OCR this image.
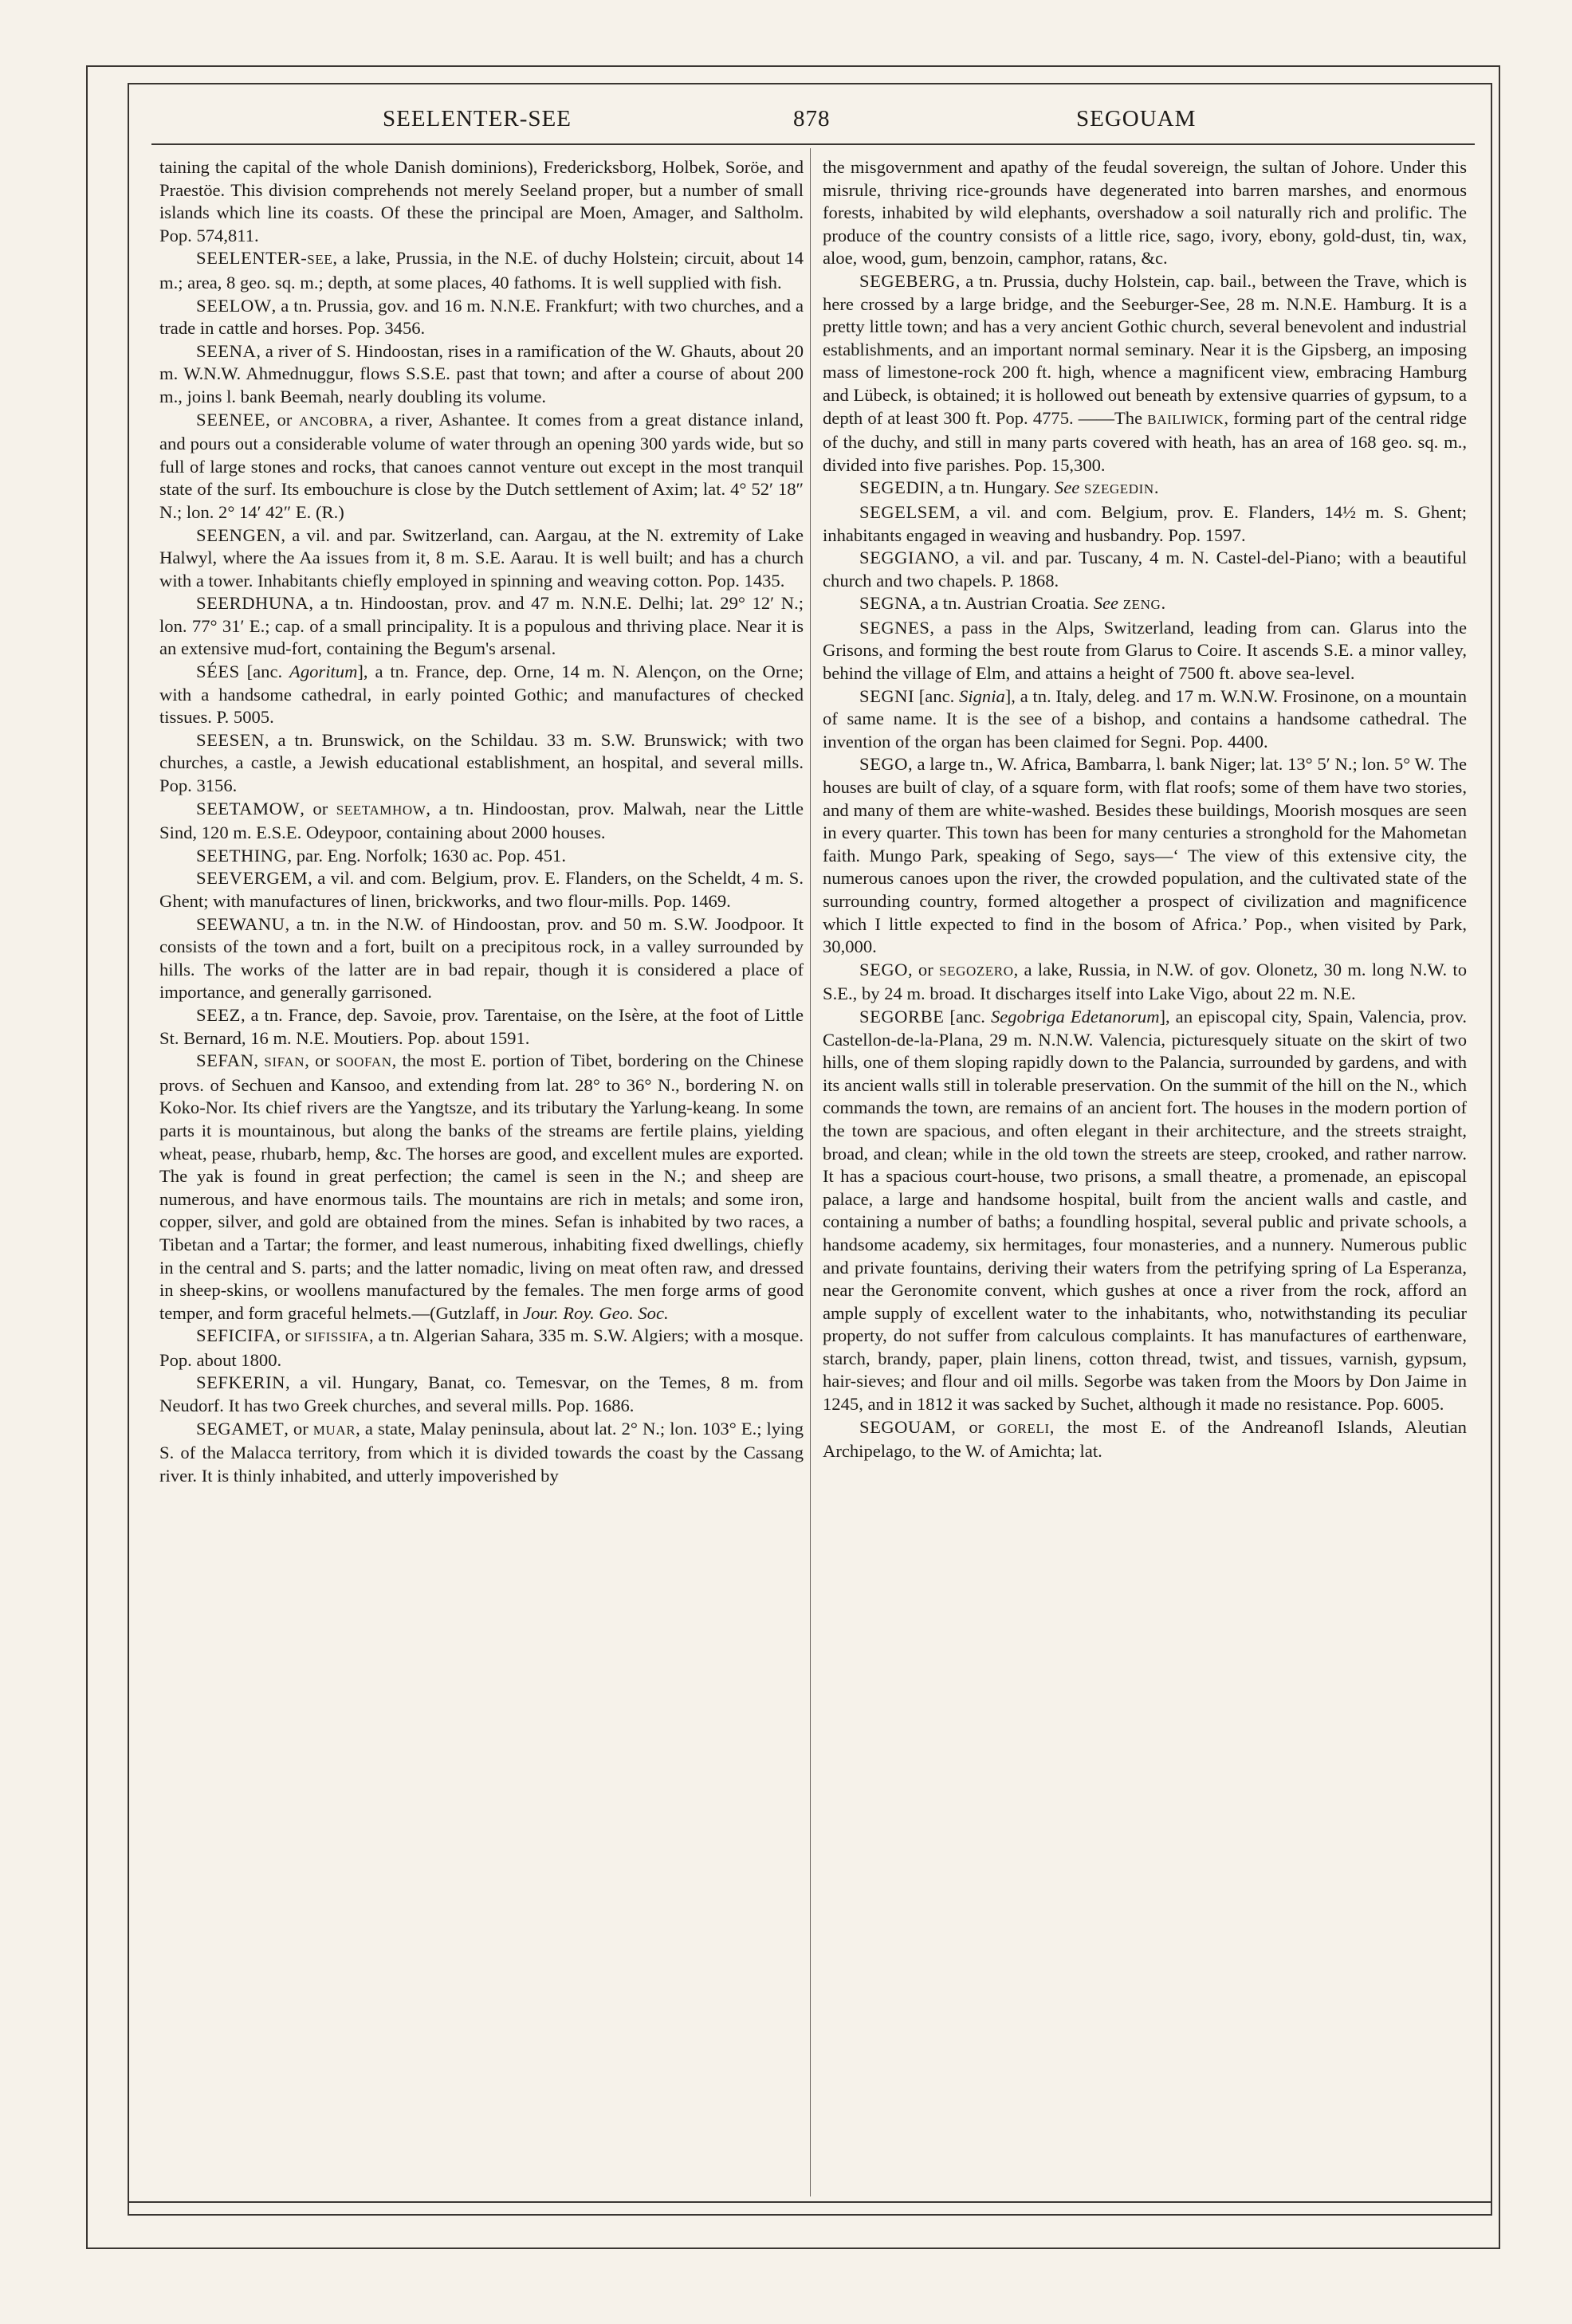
SEELENTER-SEE	878	SEGOUAM

taining the capital of the whole Danish dominions), Fredericksborg, Holbek, Soröe, and Praestöe. This division comprehends not merely Seeland proper, but a number of small islands which line its coasts. Of these the principal are Moen, Amager, and Saltholm. Pop. 574,811.

SEELENTER-SEE, a lake, Prussia, in the N.E. of duchy Holstein; circuit, about 14 m.; area, 8 geo. sq. m.; depth, at some places, 40 fathoms. It is well supplied with fish.

SEELOW, a tn. Prussia, gov. and 16 m. N.N.E. Frankfurt; with two churches, and a trade in cattle and horses. Pop. 3456.

SEENA, a river of S. Hindoostan, rises in a ramification of the W. Ghauts, about 20 m. W.N.W. Ahmednuggur, flows S.S.E. past that town; and after a course of about 200 m., joins l. bank Beemah, nearly doubling its volume.

SEENEE, or ANCOBRA, a river, Ashantee. It comes from a great distance inland, and pours out a considerable volume of water through an opening 300 yards wide, but so full of large stones and rocks, that canoes cannot venture out except in the most tranquil state of the surf. Its embouchure is close by the Dutch settlement of Axim; lat. 4° 52′ 18″ N.; lon. 2° 14′ 42″ E. (R.)

SEENGEN, a vil. and par. Switzerland, can. Aargau, at the N. extremity of Lake Halwyl, where the Aa issues from it, 8 m. S.E. Aarau. It is well built; and has a church with a tower. Inhabitants chiefly employed in spinning and weaving cotton. Pop. 1435.

SEERDHUNA, a tn. Hindoostan, prov. and 47 m. N.N.E. Delhi; lat. 29° 12′ N.; lon. 77° 31′ E.; cap. of a small principality. It is a populous and thriving place. Near it is an extensive mud-fort, containing the Begum's arsenal.

SÉES [anc. Agoritum], a tn. France, dep. Orne, 14 m. N. Alençon, on the Orne; with a handsome cathedral, in early pointed Gothic; and manufactures of checked tissues. P. 5005.

SEESEN, a tn. Brunswick, on the Schildau. 33 m. S.W. Brunswick; with two churches, a castle, a Jewish educational establishment, an hospital, and several mills. Pop. 3156.

SEETAMOW, or SEETAMHOW, a tn. Hindoostan, prov. Malwah, near the Little Sind, 120 m. E.S.E. Odeypoor, containing about 2000 houses.

SEETHING, par. Eng. Norfolk; 1630 ac. Pop. 451.

SEEVERGEM, a vil. and com. Belgium, prov. E. Flanders, on the Scheldt, 4 m. S. Ghent; with manufactures of linen, brickworks, and two flour-mills. Pop. 1469.

SEEWANU, a tn. in the N.W. of Hindoostan, prov. and 50 m. S.W. Joodpoor. It consists of the town and a fort, built on a precipitous rock, in a valley surrounded by hills. The works of the latter are in bad repair, though it is considered a place of importance, and generally garrisoned.

SEEZ, a tn. France, dep. Savoie, prov. Tarentaise, on the Isère, at the foot of Little St. Bernard, 16 m. N.E. Moutiers. Pop. about 1591.

SEFAN, SIFAN, or SOOFAN, the most E. portion of Tibet, bordering on the Chinese provs. of Sechuen and Kansoo, and extending from lat. 28° to 36° N., bordering N. on Koko-Nor. Its chief rivers are the Yangtsze, and its tributary the Yarlung-keang. In some parts it is mountainous, but along the banks of the streams are fertile plains, yielding wheat, pease, rhubarb, hemp, &c. The horses are good, and excellent mules are exported. The yak is found in great perfection; the camel is seen in the N.; and sheep are numerous, and have enormous tails. The mountains are rich in metals; and some iron, copper, silver, and gold are obtained from the mines. Sefan is inhabited by two races, a Tibetan and a Tartar; the former, and least numerous, inhabiting fixed dwellings, chiefly in the central and S. parts; and the latter nomadic, living on meat often raw, and dressed in sheep-skins, or woollens manufactured by the females. The men forge arms of good temper, and form graceful helmets.—(Gutzlaff, in Jour. Roy. Geo. Soc.

SEFICIFA, or SIFISSIFA, a tn. Algerian Sahara, 335 m. S.W. Algiers; with a mosque. Pop. about 1800.

SEFKERIN, a vil. Hungary, Banat, co. Temesvar, on the Temes, 8 m. from Neudorf. It has two Greek churches, and several mills. Pop. 1686.

SEGAMET, or MUAR, a state, Malay peninsula, about lat. 2° N.; lon. 103° E.; lying S. of the Malacca territory, from which it is divided towards the coast by the Cassang river. It is thinly inhabited, and utterly impoverished by

the misgovernment and apathy of the feudal sovereign, the sultan of Johore. Under this misrule, thriving rice-grounds have degenerated into barren marshes, and enormous forests, inhabited by wild elephants, overshadow a soil naturally rich and prolific. The produce of the country consists of a little rice, sago, ivory, ebony, gold-dust, tin, wax, aloe, wood, gum, benzoin, camphor, ratans, &c.

SEGEBERG, a tn. Prussia, duchy Holstein, cap. bail., between the Trave, which is here crossed by a large bridge, and the Seeburger-See, 28 m. N.N.E. Hamburg. It is a pretty little town; and has a very ancient Gothic church, several benevolent and industrial establishments, and an important normal seminary. Near it is the Gipsberg, an imposing mass of limestone-rock 200 ft. high, whence a magnificent view, embracing Hamburg and Lübeck, is obtained; it is hollowed out beneath by extensive quarries of gypsum, to a depth of at least 300 ft. Pop. 4775. ——The BAILIWICK, forming part of the central ridge of the duchy, and still in many parts covered with heath, has an area of 168 geo. sq. m., divided into five parishes. Pop. 15,300.

SEGEDIN, a tn. Hungary. See SZEGEDIN.

SEGELSEM, a vil. and com. Belgium, prov. E. Flanders, 14½ m. S. Ghent; inhabitants engaged in weaving and husbandry. Pop. 1597.

SEGGIANO, a vil. and par. Tuscany, 4 m. N. Castel-del-Piano; with a beautiful church and two chapels. P. 1868.

SEGNA, a tn. Austrian Croatia. See ZENG.

SEGNES, a pass in the Alps, Switzerland, leading from can. Glarus into the Grisons, and forming the best route from Glarus to Coire. It ascends S.E. a minor valley, behind the village of Elm, and attains a height of 7500 ft. above sea-level.

SEGNI [anc. Signia], a tn. Italy, deleg. and 17 m. W.N.W. Frosinone, on a mountain of same name. It is the see of a bishop, and contains a handsome cathedral. The invention of the organ has been claimed for Segni. Pop. 4400.

SEGO, a large tn., W. Africa, Bambarra, l. bank Niger; lat. 13° 5′ N.; lon. 5° W. The houses are built of clay, of a square form, with flat roofs; some of them have two stories, and many of them are white-washed. Besides these buildings, Moorish mosques are seen in every quarter. This town has been for many centuries a stronghold for the Mahometan faith. Mungo Park, speaking of Sego, says—‘ The view of this extensive city, the numerous canoes upon the river, the crowded population, and the cultivated state of the surrounding country, formed altogether a prospect of civilization and magnificence which I little expected to find in the bosom of Africa.’ Pop., when visited by Park, 30,000.

SEGO, or SEGOZERO, a lake, Russia, in N.W. of gov. Olonetz, 30 m. long N.W. to S.E., by 24 m. broad. It discharges itself into Lake Vigo, about 22 m. N.E.

SEGORBE [anc. Segobriga Edetanorum], an episcopal city, Spain, Valencia, prov. Castellon-de-la-Plana, 29 m. N.N.W. Valencia, picturesquely situate on the skirt of two hills, one of them sloping rapidly down to the Palancia, surrounded by gardens, and with its ancient walls still in tolerable preservation. On the summit of the hill on the N., which commands the town, are remains of an ancient fort. The houses in the modern portion of the town are spacious, and often elegant in their architecture, and the streets straight, broad, and clean; while in the old town the streets are steep, crooked, and rather narrow. It has a spacious court-house, two prisons, a small theatre, a promenade, an episcopal palace, a large and handsome hospital, built from the ancient walls and castle, and containing a number of baths; a foundling hospital, several public and private schools, a handsome academy, six hermitages, four monasteries, and a nunnery. Numerous public and private fountains, deriving their waters from the petrifying spring of La Esperanza, near the Geronomite convent, which gushes at once a river from the rock, afford an ample supply of excellent water to the inhabitants, who, notwithstanding its peculiar property, do not suffer from calculous complaints. It has manufactures of earthenware, starch, brandy, paper, plain linens, cotton thread, twist, and tissues, varnish, gypsum, hair-sieves; and flour and oil mills. Segorbe was taken from the Moors by Don Jaime in 1245, and in 1812 it was sacked by Suchet, although it made no resistance. Pop. 6005.

SEGOUAM, or GORELI, the most E. of the Andreanofl Islands, Aleutian Archipelago, to the W. of Amichta; lat.
